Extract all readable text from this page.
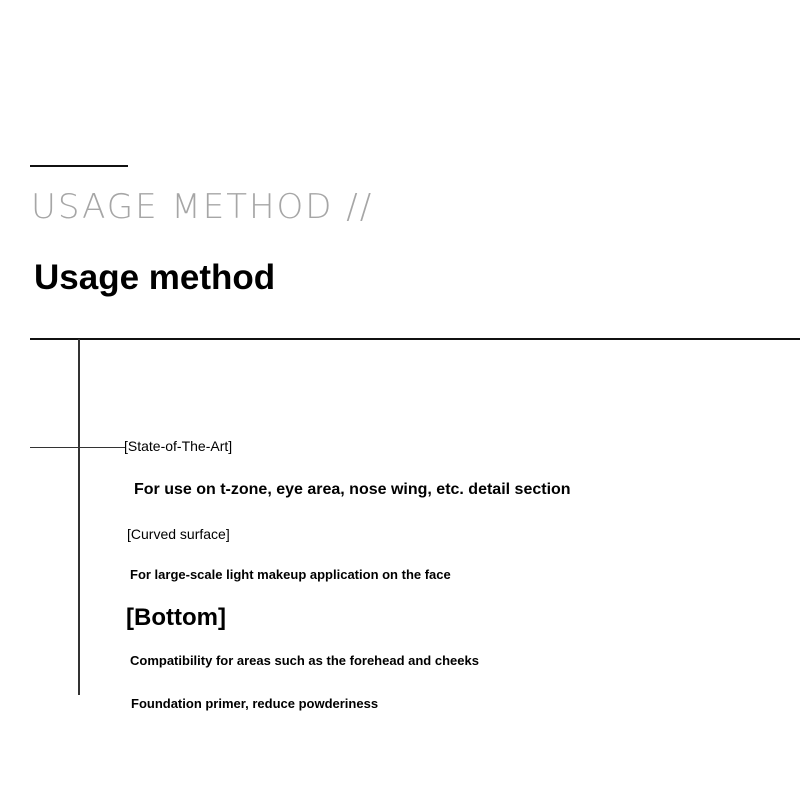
USAGE METHOD //
Usage method
[State-of-The-Art]
For use on t-zone, eye area, nose wing, etc. detail section
[Curved surface]
For large-scale light makeup application on the face
[Bottom]
Compatibility for areas such as the forehead and cheeks
Foundation primer, reduce powderiness
